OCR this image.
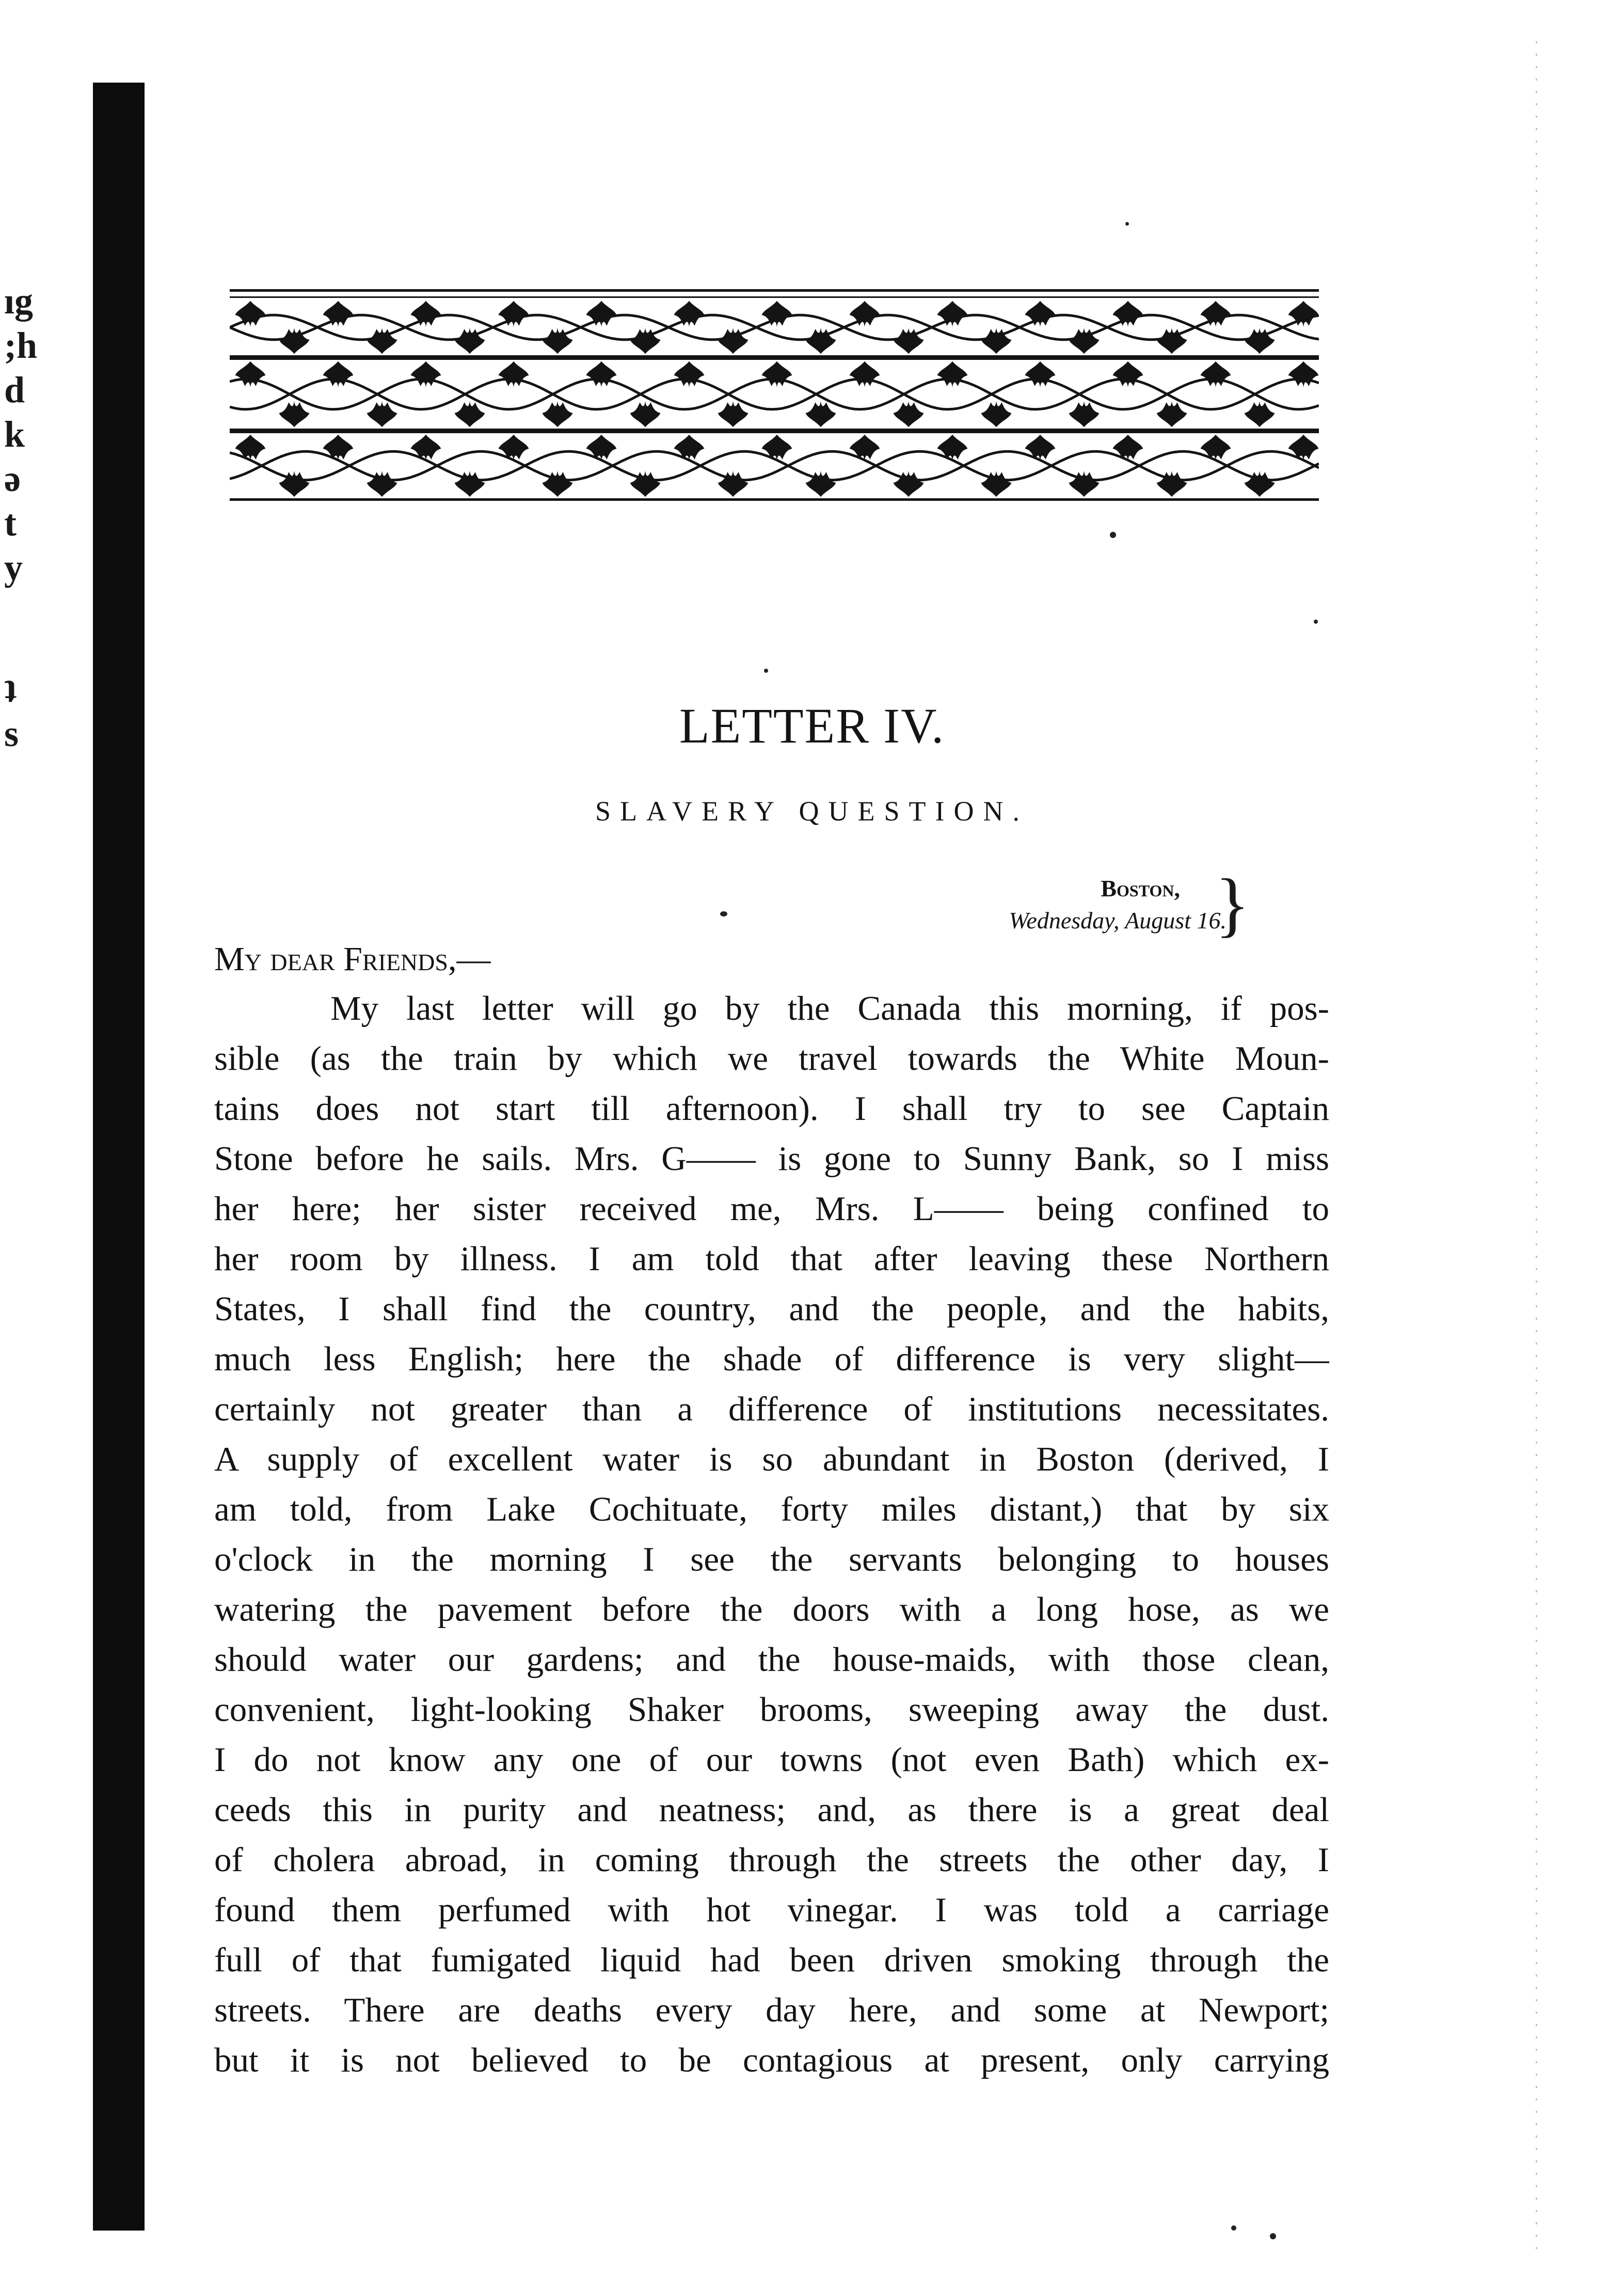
ıg
;h
d
k
ə
t
y
ʇ
s	LETTER IV.
SLAVERY QUESTION.
Boston,
Wednesday, August 16.
}
My dear Friends,—
My last letter will go by the Canada this morning, if pos-
sible (as the train by which we travel towards the White Moun-
tains does not start till afternoon). I shall try to see Captain
Stone before he sails. Mrs. G—— is gone to Sunny Bank, so I miss
her here; her sister received me, Mrs. L—— being confined to
her room by illness. I am told that after leaving these Northern
States, I shall find the country, and the people, and the habits,
much less English; here the shade of difference is very slight—
certainly not greater than a difference of institutions necessitates.
A supply of excellent water is so abundant in Boston (derived, I
am told, from Lake Cochituate, forty miles distant,) that by six
o'clock in the morning I see the servants belonging to houses
watering the pavement before the doors with a long hose, as we
should water our gardens; and the house-maids, with those clean,
convenient, light-looking Shaker brooms, sweeping away the dust.
I do not know any one of our towns (not even Bath) which ex-
ceeds this in purity and neatness; and, as there is a great deal
of cholera abroad, in coming through the streets the other day, I
found them perfumed with hot vinegar. I was told a carriage
full of that fumigated liquid had been driven smoking through the
streets. There are deaths every day here, and some at Newport;
but it is not believed to be contagious at present, only carrying
